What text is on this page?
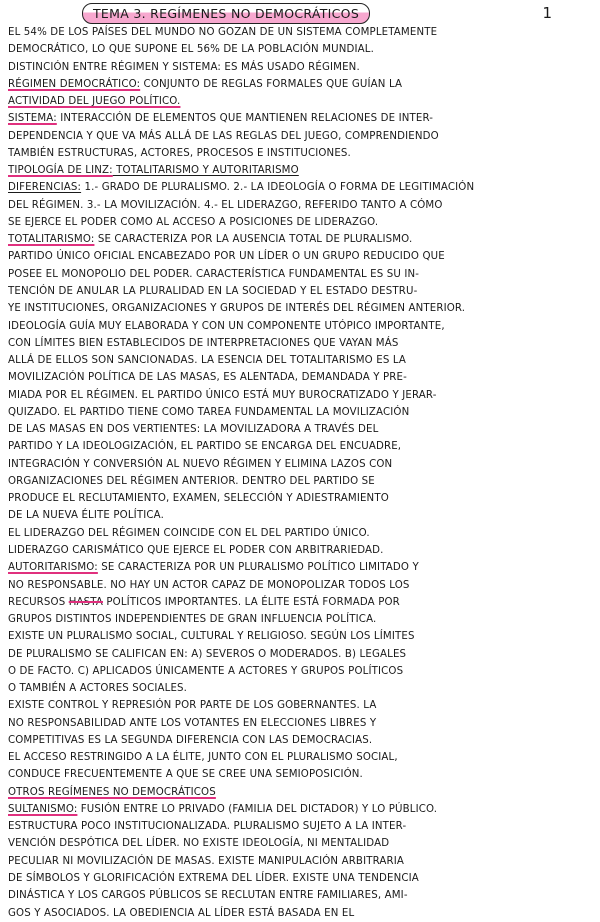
TEMA 3. REGÍMENES NO DEMOCRÁTICOS	1
EL 54% DE LOS PAÍSES DEL MUNDO NO GOZAN DE UN SISTEMA COMPLETAMENTE
DEMOCRÁTICO, LO QUE SUPONE EL 56% DE LA POBLACIÓN MUNDIAL.
DISTINCIÓN ENTRE RÉGIMEN Y SISTEMA: ES MÁS USADO RÉGIMEN.
RÉGIMEN DEMOCRÁTICO: CONJUNTO DE REGLAS FORMALES QUE GUÍAN LA
ACTIVIDAD DEL JUEGO POLÍTICO.
SISTEMA: INTERACCIÓN DE ELEMENTOS QUE MANTIENEN RELACIONES DE INTER-
DEPENDENCIA Y QUE VA MÁS ALLÁ DE LAS REGLAS DEL JUEGO, COMPRENDIENDO
TAMBIÉN ESTRUCTURAS, ACTORES, PROCESOS E INSTITUCIONES.
TIPOLOGÍA DE LINZ: TOTALITARISMO Y AUTORITARISMO
DIFERENCIAS: 1.- GRADO DE PLURALISMO. 2.- LA IDEOLOGÍA O FORMA DE LEGITIMACIÓN
DEL RÉGIMEN. 3.- LA MOVILIZACIÓN. 4.- EL LIDERAZGO, REFERIDO TANTO A CÓMO
SE EJERCE EL PODER COMO AL ACCESO A POSICIONES DE LIDERAZGO.
TOTALITARISMO: SE CARACTERIZA POR LA AUSENCIA TOTAL DE PLURALISMO.
PARTIDO ÚNICO OFICIAL ENCABEZADO POR UN LÍDER O UN GRUPO REDUCIDO QUE
POSEE EL MONOPOLIO DEL PODER. CARACTERÍSTICA FUNDAMENTAL ES SU IN-
TENCIÓN DE ANULAR LA PLURALIDAD EN LA SOCIEDAD Y EL ESTADO DESTRU-
YE INSTITUCIONES, ORGANIZACIONES Y GRUPOS DE INTERÉS DEL RÉGIMEN ANTERIOR.
IDEOLOGÍA GUÍA MUY ELABORADA Y CON UN COMPONENTE UTÓPICO IMPORTANTE,
CON LÍMITES BIEN ESTABLECIDOS DE INTERPRETACIONES QUE VAYAN MÁS
ALLÁ DE ELLOS SON SANCIONADAS. LA ESENCIA DEL TOTALITARISMO ES LA
MOVILIZACIÓN POLÍTICA DE LAS MASAS, ES ALENTADA, DEMANDADA Y PRE-
MIADA POR EL RÉGIMEN. EL PARTIDO ÚNICO ESTÁ MUY BUROCRATIZADO Y JERAR-
QUIZADO. EL PARTIDO TIENE COMO TAREA FUNDAMENTAL LA MOVILIZACIÓN
DE LAS MASAS EN DOS VERTIENTES: LA MOVILIZADORA A TRAVÉS DEL
PARTIDO Y LA IDEOLOGIZACIÓN, EL PARTIDO SE ENCARGA DEL ENCUADRE,
INTEGRACIÓN Y CONVERSIÓN AL NUEVO RÉGIMEN Y ELIMINA LAZOS CON
ORGANIZACIONES DEL RÉGIMEN ANTERIOR. DENTRO DEL PARTIDO SE
PRODUCE EL RECLUTAMIENTO, EXAMEN, SELECCIÓN Y ADIESTRAMIENTO
DE LA NUEVA ÉLITE POLÍTICA.
EL LIDERAZGO DEL RÉGIMEN COINCIDE CON EL DEL PARTIDO ÚNICO.
LIDERAZGO CARISMÁTICO QUE EJERCE EL PODER CON ARBITRARIEDAD.
AUTORITARISMO: SE CARACTERIZA POR UN PLURALISMO POLÍTICO LIMITADO Y
NO RESPONSABLE. NO HAY UN ACTOR CAPAZ DE MONOPOLIZAR TODOS LOS
RECURSOS HASTA POLÍTICOS IMPORTANTES. LA ÉLITE ESTÁ FORMADA POR
GRUPOS DISTINTOS INDEPENDIENTES DE GRAN INFLUENCIA POLÍTICA.
EXISTE UN PLURALISMO SOCIAL, CULTURAL Y RELIGIOSO. SEGÚN LOS LÍMITES
DE PLURALISMO SE CALIFICAN EN: A) SEVEROS O MODERADOS. B) LEGALES
O DE FACTO. C) APLICADOS ÚNICAMENTE A ACTORES Y GRUPOS POLÍTICOS
O TAMBIÉN A ACTORES SOCIALES.
EXISTE CONTROL Y REPRESIÓN POR PARTE DE LOS GOBERNANTES. LA
NO RESPONSABILIDAD ANTE LOS VOTANTES EN ELECCIONES LIBRES Y
COMPETITIVAS ES LA SEGUNDA DIFERENCIA CON LAS DEMOCRACIAS.
EL ACCESO RESTRINGIDO A LA ÉLITE, JUNTO CON EL PLURALISMO SOCIAL,
CONDUCE FRECUENTEMENTE A QUE SE CREE UNA SEMIOPOSICIÓN.
OTROS REGÍMENES NO DEMOCRÁTICOS
SULTANISMO: FUSIÓN ENTRE LO PRIVADO (FAMILIA DEL DICTADOR) Y LO PÚBLICO.
ESTRUCTURA POCO INSTITUCIONALIZADA. PLURALISMO SUJETO A LA INTER-
VENCIÓN DESPÓTICA DEL LÍDER. NO EXISTE IDEOLOGÍA, NI MENTALIDAD
PECULIAR NI MOVILIZACIÓN DE MASAS. EXISTE MANIPULACIÓN ARBITRARIA
DE SÍMBOLOS Y GLORIFICACIÓN EXTREMA DEL LÍDER. EXISTE UNA TENDENCIA
DINÁSTICA Y LOS CARGOS PÚBLICOS SE RECLUTAN ENTRE FAMILIARES, AMI-
GOS Y ASOCIADOS. LA OBEDIENCIA AL LÍDER ESTÁ BASADA EN EL
